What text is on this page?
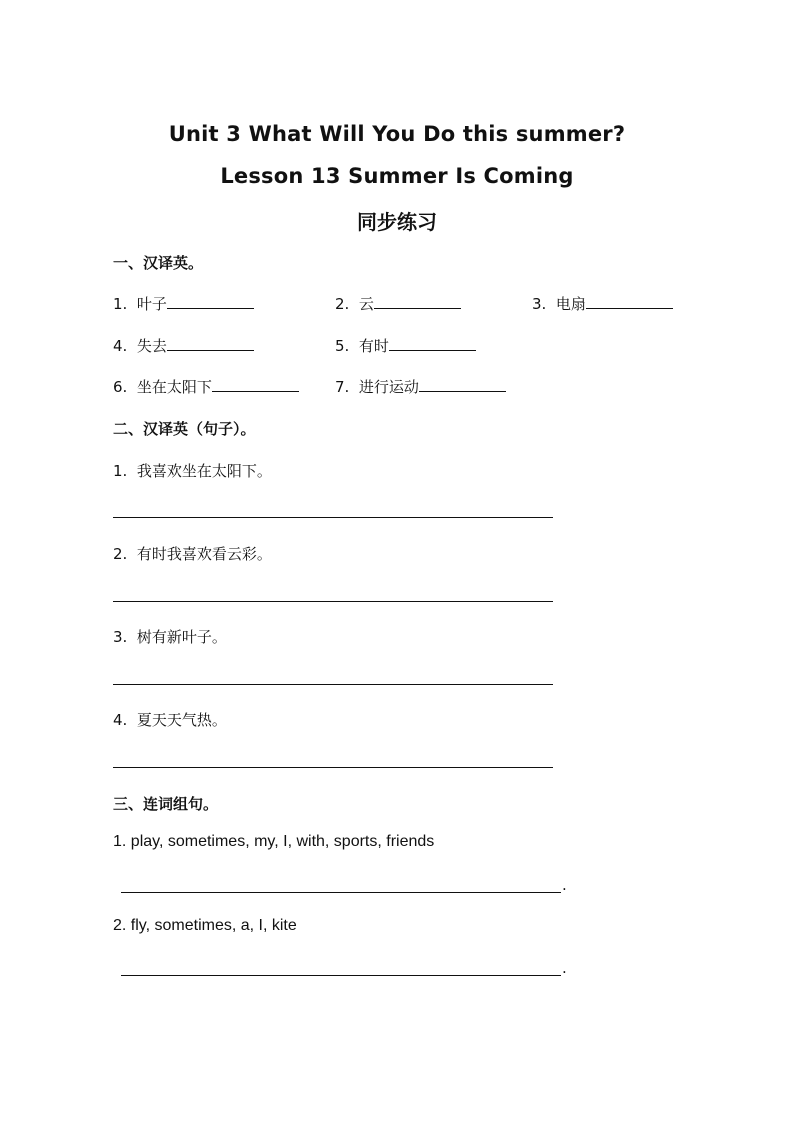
Unit 3 What Will You Do this summer?
Lesson 13 Summer Is Coming
同步练习
一、汉译英。
1. 叶子	2. 云	3. 电扇
4. 失去	5. 有时
6. 坐在太阳下	7. 进行运动
二、汉译英（句子）。
1. 我喜欢坐在太阳下。
2. 有时我喜欢看云彩。
3. 树有新叶子。
4. 夏天天气热。
三、连词组句。
1. play, sometimes, my, I, with, sports, friends
.
2. fly, sometimes, a, I, kite
.
